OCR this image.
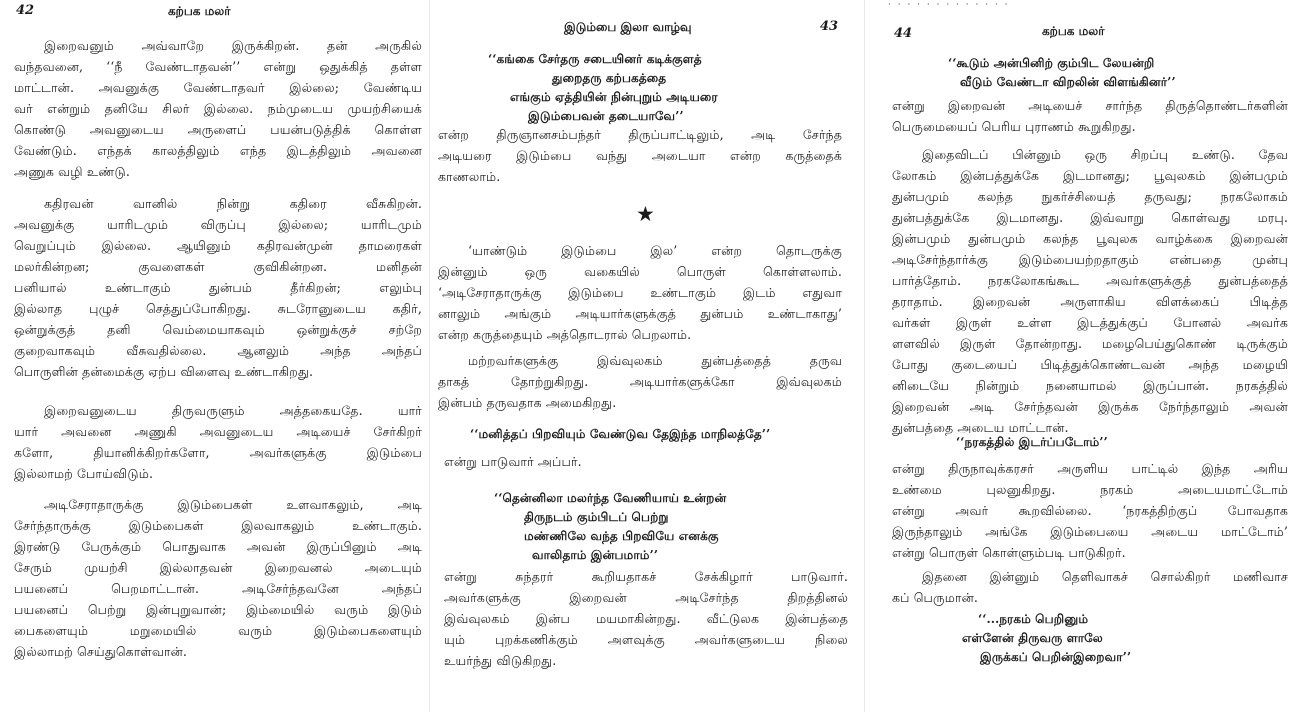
42	கற்பக மலர்
இறைவனும் அவ்வாறே இருக்கிறன். தன் அருகில்
வந்தவனை, ‘‘நீ வேண்டாதவன்’’ என்று ஒதுக்கித் தள்ள
மாட்டான். அவனுக்கு வேண்டாதவர் இல்லை; வேண்டிய
வர் என்றும் தனியே சிலர் இல்லை. நம்முடைய முயற்சியைக்
கொண்டு அவனுடைய அருளைப் பயன்படுத்திக் கொள்ள
வேண்டும். எந்தக் காலத்திலும் எந்த இடத்திலும் அவனை
அணுக வழி உண்டு.
கதிரவன் வானில் நின்று கதிரை வீசுகிறன்.
அவனுக்கு யாரிடமும் விருப்பு இல்லை; யாரிடமும்
வெறுப்பும் இல்லை. ஆயினும் கதிரவன்முன் தாமரைகள்
மலர்கின்றன; குவளைகள் குவிகின்றன. மனிதன்
பனியால் உண்டாகும் துன்பம் தீர்கிறன்; எலும்பு
இல்லாத புழுச் செத்துப்போகிறது. சுடரோனுடைய கதிர்,
ஒன்றுக்குத் தனி வெம்மையாகவும் ஒன்றுக்குச் சற்றே
குறைவாகவும் வீசுவதில்லை. ஆனலும் அந்த அந்தப்
பொருளின் தன்மைக்கு ஏற்ப விளைவு உண்டாகிறது.
இறைவனுடைய திருவருளும் அத்தகையதே. யார்
யார் அவனை அணுகி அவனுடைய அடியைச் சேர்கிறர்
களோ, தியானிக்கிறர்களோ, அவர்களுக்கு இடும்பை
இல்லாமற் போய்விடும்.
அடிசேராதாருக்கு இடும்பைகள் உளவாகலும், அடி
சேர்ந்தாருக்கு இடும்பைகள் இலவாகலும் உண்டாகும்.
இரண்டு பேருக்கும் பொதுவாக அவன் இருப்பினும் அடி
சேரும் முயற்சி இல்லாதவன் இறைவனல் அடையும்
பயனைப் பெறமாட்டான். அடிசேர்ந்தவனே அந்தப்
பயனைப் பெற்று இன்புறுவான்; இம்மையில் வரும் இடும்
பைகளையும் மறுமையில் வரும் இடும்பைகளையும்
இல்லாமற் செய்துகொள்வான்.
இடும்பை இலா வாழ்வு	43
‘‘கங்கை சேர்தரு சடையினர் கடிக்குளத்
துறைதரு கற்பகத்தை
எங்கும் ஏத்தியின் நின்புறும் அடியரை
இடும்பைவன் தடையாவே’’
என்ற திருஞானசம்பந்தர் திருப்பாட்டிலும், அடி சேர்ந்த
அடியரை இடும்பை வந்து அடையா என்ற கருத்தைக்
காணலாம்.
★
‘யாண்டும் இடும்பை இல’ என்ற தொடருக்கு
இன்னும் ஒரு வகையில் பொருள் கொள்ளலாம்.
‘அடிசேராதாருக்கு இடும்பை உண்டாகும் இடம் எதுவா
னாலும் அங்கும் அடியார்களுக்குத் துன்பம் உண்டாகாது’
என்ற கருத்தையும் அத்தொடரால் பெறலாம்.
மற்றவர்களுக்கு இவ்வுலகம் துன்பத்தைத் தருவ
தாகத் தோற்றுகிறது. அடியார்களுக்கோ இவ்வுலகம்
இன்பம் தருவதாக அமைகிறது.
‘‘மனித்தப் பிறவியும் வேண்டுவ தேஇந்த மாநிலத்தே’’
என்று பாடுவார் அப்பர்.
‘‘தென்னிலா மலர்ந்த வேணியாய் உன்றன்
திருநடம் கும்பிடப் பெற்று
மண்ணிலே வந்த பிறவியே எனக்கு
வாலிதாம் இன்பமாம்’’
என்று சுந்தரர் கூறியதாகச் சேக்கிழார் பாடுவார்.
அவர்களுக்கு இறைவன் அடிசேர்ந்த திறத்தினல்
இவ்வுலகம் இன்ப மயமாகின்றது. வீட்டுலக இன்பத்தை
யும் புறக்கணிக்கும் அளவுக்கு அவர்களுடைய நிலை
உயர்ந்து விடுகிறது.
· · · · · · · · · · · · ·
44	கற்பக மலர்
‘‘கூடும் அன்பினிற் கும்பிட லேயன்றி
வீடும் வேண்டா விறலின் விளங்கினர்’’
என்று இறைவன் அடியைச் சார்ந்த திருத்தொண்டர்களின்
பெருமையைப் பெரிய புராணம் கூறுகிறது.
இதைவிடப் பின்னும் ஒரு சிறப்பு உண்டு. தேவ
லோகம் இன்பத்துக்கே இடமானது; பூவுலகம் இன்பமும்
துன்பமும் கலந்த நுகர்ச்சியைத் தருவது; நரகலோகம்
துன்பத்துக்கே இடமானது. இவ்வாறு கொள்வது மரபு.
இன்பமும் துன்பமும் கலந்த பூவுலக வாழ்க்கை இறைவன்
அடிசேர்ந்தார்க்கு இடும்பையற்றதாகும் என்பதை முன்பு
பார்த்தோம். நரகலோகங்கூட அவர்களுக்குத் துன்பத்தைத்
தராதாம். இறைவன் அருளாகிய விளக்கைப் பிடித்த
வர்கள் இருள் உள்ள இடத்துக்குப் போனல் அவர்க
ளளவில் இருள் தோன்றாது. மழைபெய்துகொண் டிருக்கும்
போது குடையைப் பிடித்துக்கொண்டவன் அந்த மழையி
னிடையே நின்றும் நனையாமல் இருப்பான். நரகத்தில்
இறைவன் அடி சேர்ந்தவன் இருக்க நேர்ந்தாலும் அவன்
துன்பத்தை அடைய மாட்டான்.
‘‘நரகத்தில் இடர்ப்படோம்’’
என்று திருநாவுக்கரசர் அருளிய பாட்டில் இந்த அரிய
உண்மை புலனுகிறது. நரகம் அடையமாட்டோம்
என்று அவர் கூறவில்லை. ‘நரகத்திற்குப் போவதாக
இருந்தாலும் அங்கே இடும்பையை அடைய மாட்டோம்’
என்று பொருள் கொள்ளும்படி பாடுகிறர்.
இதனை இன்னும் தெளிவாகச் சொல்கிறர் மணிவாச
கப் பெருமான்.
‘‘...நரகம் பெறினும்
எள்ளேன் திருவரு ளாலே
இருக்கப் பெறின்இறைவா’’
